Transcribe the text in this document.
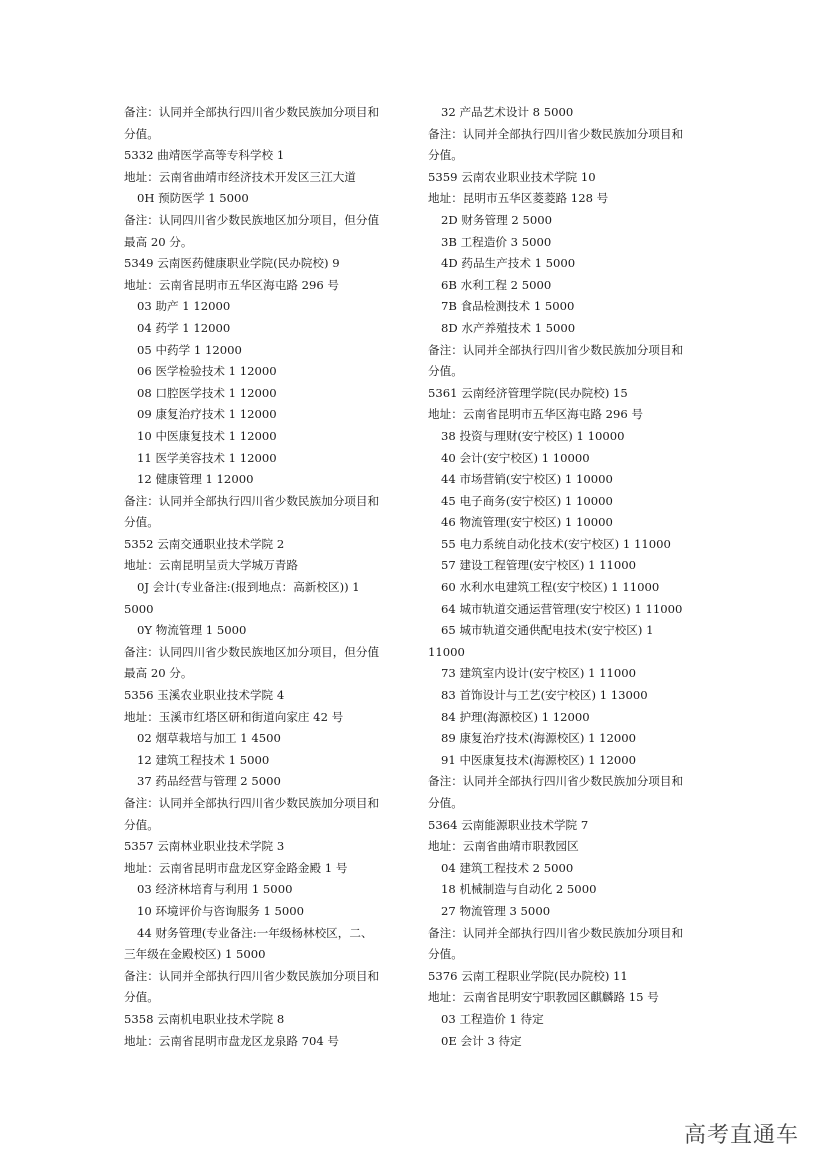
备注：认同并全部执行四川省少数民族加分项目和
分值。
5332 曲靖医学高等专科学校 1
地址：云南省曲靖市经济技术开发区三江大道
0H 预防医学 1 5000
备注：认同四川省少数民族地区加分项目，但分值
最高 20 分。
5349 云南医药健康职业学院(民办院校) 9
地址：云南省昆明市五华区海屯路 296 号
03 助产 1 12000
04 药学 1 12000
05 中药学 1 12000
06 医学检验技术 1 12000
08 口腔医学技术 1 12000
09 康复治疗技术 1 12000
10 中医康复技术 1 12000
11 医学美容技术 1 12000
12 健康管理 1 12000
备注：认同并全部执行四川省少数民族加分项目和
分值。
5352 云南交通职业技术学院 2
地址：云南昆明呈贡大学城万青路
0J 会计(专业备注:(报到地点：高新校区)) 1
5000
0Y 物流管理 1 5000
备注：认同四川省少数民族地区加分项目，但分值
最高 20 分。
5356 玉溪农业职业技术学院 4
地址：玉溪市红塔区研和街道向家庄 42 号
02 烟草栽培与加工 1 4500
12 建筑工程技术 1 5000
37 药品经营与管理 2 5000
备注：认同并全部执行四川省少数民族加分项目和
分值。
5357 云南林业职业技术学院 3
地址：云南省昆明市盘龙区穿金路金殿 1 号
03 经济林培育与利用 1 5000
10 环境评价与咨询服务 1 5000
44 财务管理(专业备注:一年级杨林校区，二、
三年级在金殿校区) 1 5000
备注：认同并全部执行四川省少数民族加分项目和
分值。
5358 云南机电职业技术学院 8
地址：云南省昆明市盘龙区龙泉路 704 号
32 产品艺术设计 8 5000
备注：认同并全部执行四川省少数民族加分项目和
分值。
5359 云南农业职业技术学院 10
地址：昆明市五华区菱菱路 128 号
2D 财务管理 2 5000
3B 工程造价 3 5000
4D 药品生产技术 1 5000
6B 水利工程 2 5000
7B 食品检测技术 1 5000
8D 水产养殖技术 1 5000
备注：认同并全部执行四川省少数民族加分项目和
分值。
5361 云南经济管理学院(民办院校) 15
地址：云南省昆明市五华区海屯路 296 号
38 投资与理财(安宁校区) 1 10000
40 会计(安宁校区) 1 10000
44 市场营销(安宁校区) 1 10000
45 电子商务(安宁校区) 1 10000
46 物流管理(安宁校区) 1 10000
55 电力系统自动化技术(安宁校区) 1 11000
57 建设工程管理(安宁校区) 1 11000
60 水利水电建筑工程(安宁校区) 1 11000
64 城市轨道交通运营管理(安宁校区) 1 11000
65 城市轨道交通供配电技术(安宁校区) 1
11000
73 建筑室内设计(安宁校区) 1 11000
83 首饰设计与工艺(安宁校区) 1 13000
84 护理(海源校区) 1 12000
89 康复治疗技术(海源校区) 1 12000
91 中医康复技术(海源校区) 1 12000
备注：认同并全部执行四川省少数民族加分项目和
分值。
5364 云南能源职业技术学院 7
地址：云南省曲靖市职教园区
04 建筑工程技术 2 5000
18 机械制造与自动化 2 5000
27 物流管理 3 5000
备注：认同并全部执行四川省少数民族加分项目和
分值。
5376 云南工程职业学院(民办院校) 11
地址：云南省昆明安宁职教园区麒麟路 15 号
03 工程造价 1 待定
0E 会计 3 待定
高考直通车
